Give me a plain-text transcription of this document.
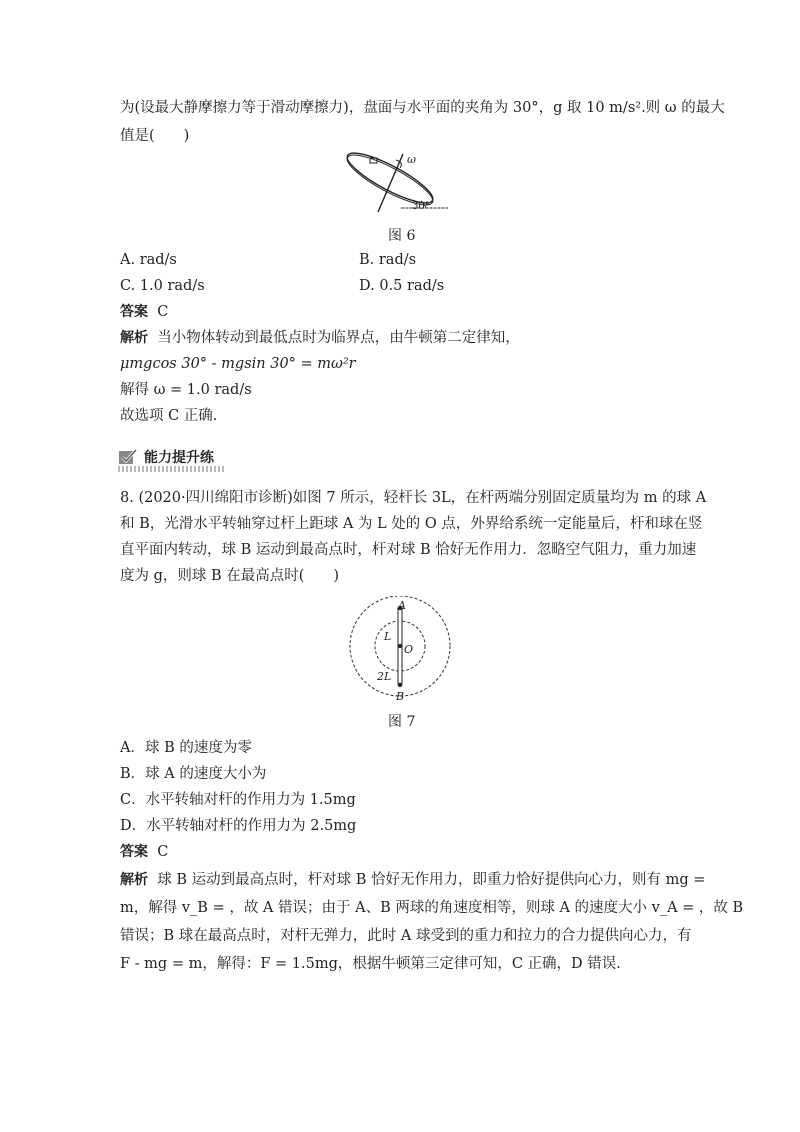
为(设最大静摩擦力等于滑动摩擦力)，盘面与水平面的夹角为 30°，g 取 10 m/s².则 ω 的最大
值是(　　)
ω
30°
图 6
A. rad/s	B. rad/s
C. 1.0 rad/s	D. 0.5 rad/s
答案 C
解析 当小物体转动到最低点时为临界点，由牛顿第二定律知，
μmgcos 30° - mgsin 30° = mω²r
解得 ω = 1.0 rad/s
故选项 C 正确.
能力提升练
8. (2020·四川绵阳市诊断)如图 7 所示，轻杆长 3L，在杆两端分别固定质量均为 m 的球 A
和 B，光滑水平转轴穿过杆上距球 A 为 L 处的 O 点，外界给系统一定能量后，杆和球在竖
直平面内转动，球 B 运动到最高点时，杆对球 B 恰好无作用力．忽略空气阻力，重力加速
度为 g，则球 B 在最高点时(　　)
A
L
O
2L
B
图 7
A．球 B 的速度为零
B．球 A 的速度大小为
C．水平转轴对杆的作用力为 1.5mg
D．水平转轴对杆的作用力为 2.5mg
答案 C
解析 球 B 运动到最高点时，杆对球 B 恰好无作用力，即重力恰好提供向心力，则有 mg =
m，解得 v_B = ，故 A 错误；由于 A、B 两球的角速度相等，则球 A 的速度大小 v_A = ，故 B
错误；B 球在最高点时，对杆无弹力，此时 A 球受到的重力和拉力的合力提供向心力，有
F - mg = m，解得：F = 1.5mg，根据牛顿第三定律可知，C 正确，D 错误.
